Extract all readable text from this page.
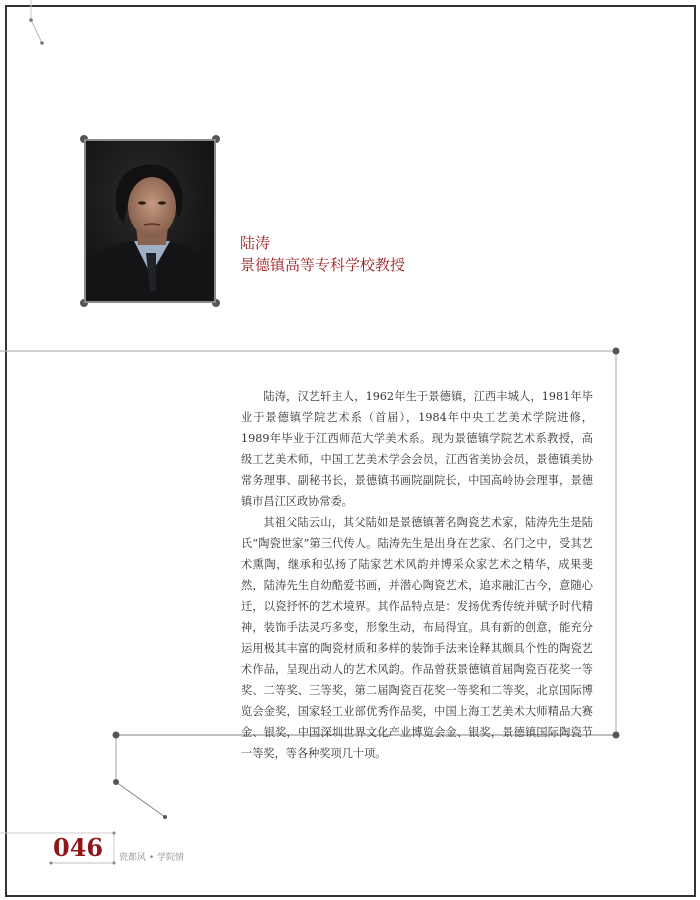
陆涛
景德镇高等专科学校教授

陆涛，汉艺轩主人，1962年生于景德镇，江西丰城人，1981年毕业于景德镇学院艺术系（首届），1984年中央工艺美术学院进修，1989年毕业于江西师范大学美术系。现为景德镇学院艺术系教授，高级工艺美术师，中国工艺美术学会会员，江西省美协会员，景德镇美协常务理事、副秘书长，景德镇书画院副院长，中国高岭协会理事，景德镇市昌江区政协常委。

其祖父陆云山，其父陆如是景德镇著名陶瓷艺术家，陆涛先生是陆氏“陶瓷世家”第三代传人。陆涛先生是出身在艺家、名门之中，受其艺术熏陶，继承和弘扬了陆家艺术风韵并博采众家艺术之精华，成果斐然，陆涛先生自幼酷爱书画，并潜心陶瓷艺术，追求融汇古今，意随心迁，以瓷抒怀的艺术境界。其作品特点是：发扬优秀传统并赋予时代精神，装饰手法灵巧多变，形象生动，布局得宜。具有新的创意，能充分运用极其丰富的陶瓷材质和多样的装饰手法来诠释其颇具个性的陶瓷艺术作品，呈现出动人的艺术风韵。作品曾获景德镇首届陶瓷百花奖一等奖、二等奖、三等奖，第二届陶瓷百花奖一等奖和二等奖，北京国际博览会金奖，国家轻工业部优秀作品奖，中国上海工艺美术大师精品大赛金、银奖，中国深圳世界文化产业博览会金、银奖，景德镇国际陶瓷节一等奖，等各种奖项几十项。

046 瓷都风 • 学院情
